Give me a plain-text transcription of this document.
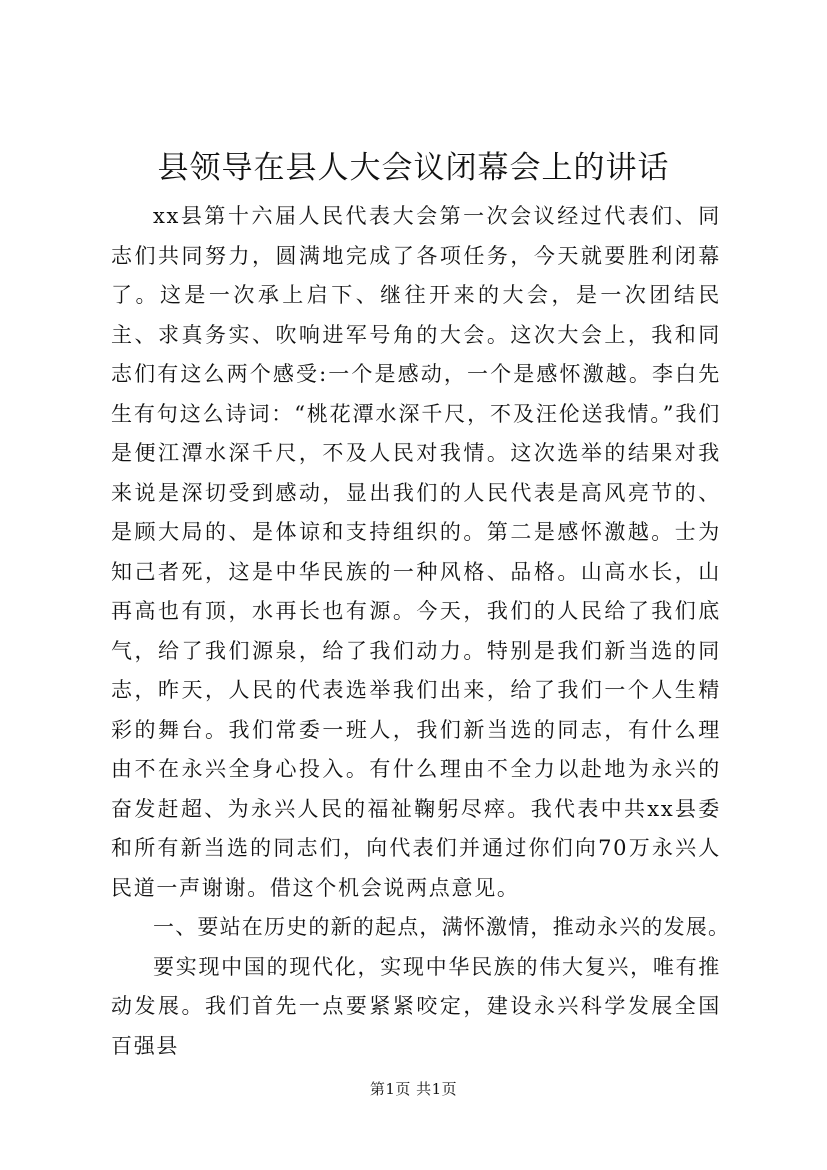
县领导在县人大会议闭幕会上的讲话

xx县第十六届人民代表大会第一次会议经过代表们、同志们共同努力，圆满地完成了各项任务，今天就要胜利闭幕了。这是一次承上启下、继往开来的大会，是一次团结民主、求真务实、吹响进军号角的大会。这次大会上，我和同志们有这么两个感受:一个是感动，一个是感怀激越。李白先生有句这么诗词：“桃花潭水深千尺，不及汪伦送我情。”我们是便江潭水深千尺，不及人民对我情。这次选举的结果对我来说是深切受到感动，显出我们的人民代表是高风亮节的、是顾大局的、是体谅和支持组织的。第二是感怀激越。士为知己者死，这是中华民族的一种风格、品格。山高水长，山再高也有顶，水再长也有源。今天，我们的人民给了我们底气，给了我们源泉，给了我们动力。特别是我们新当选的同志，昨天，人民的代表选举我们出来，给了我们一个人生精彩的舞台。我们常委一班人，我们新当选的同志，有什么理由不在永兴全身心投入。有什么理由不全力以赴地为永兴的奋发赶超、为永兴人民的福祉鞠躬尽瘁。我代表中共xx县委和所有新当选的同志们，向代表们并通过你们向70万永兴人民道一声谢谢。借这个机会说两点意见。

一、要站在历史的新的起点，满怀激情，推动永兴的发展。

要实现中国的现代化，实现中华民族的伟大复兴，唯有推动发展。我们首先一点要紧紧咬定，建设永兴科学发展全国百强县

第1页 共1页
